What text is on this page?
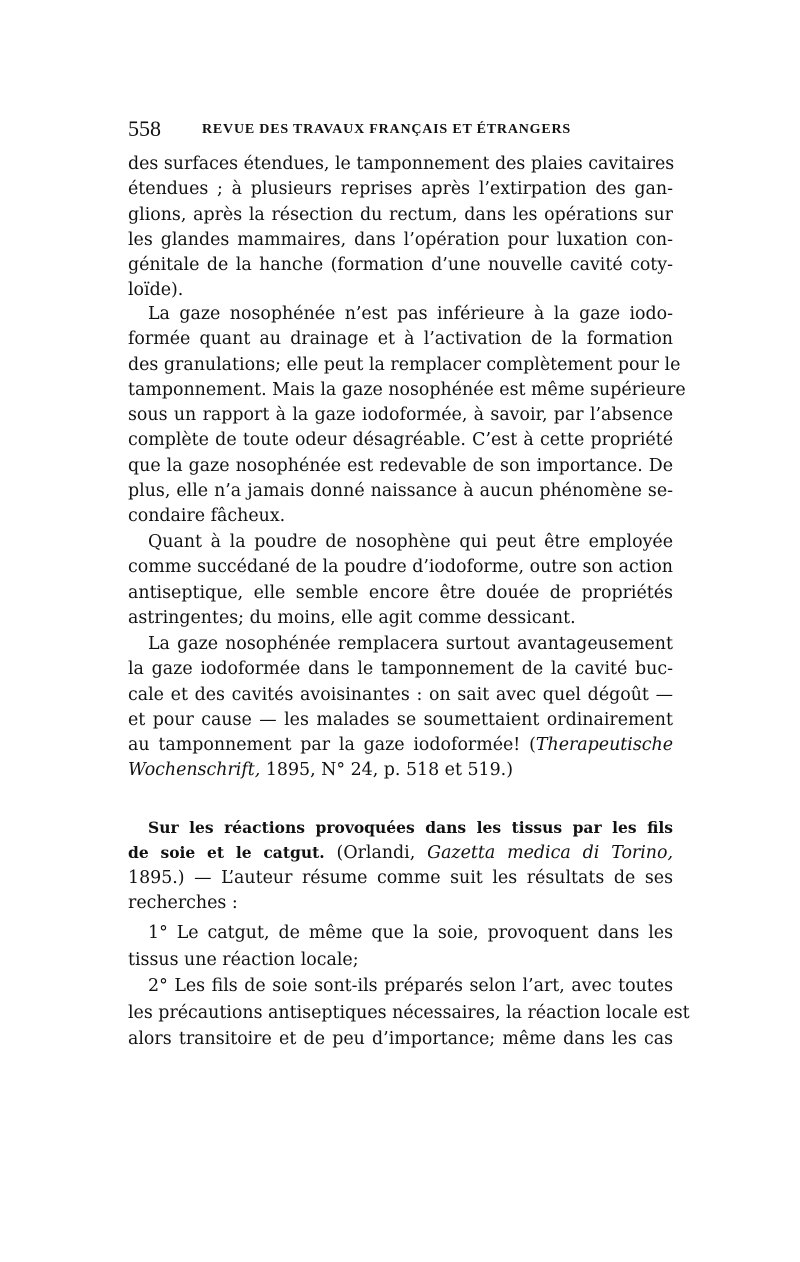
558	REVUE DES TRAVAUX FRANÇAIS ET ÉTRANGERS
des surfaces étendues, le tamponnement des plaies cavitaires
étendues ; à plusieurs reprises après l’extirpation des gan-
glions, après la résection du rectum, dans les opérations sur
les glandes mammaires, dans l’opération pour luxation con-
génitale de la hanche (formation d’une nouvelle cavité coty-
loïde).
La gaze nosophénée n’est pas inférieure à la gaze iodo-
formée quant au drainage et à l’activation de la formation
des granulations; elle peut la remplacer complètement pour le
tamponnement. Mais la gaze nosophénée est même supérieure
sous un rapport à la gaze iodoformée, à savoir, par l’absence
complète de toute odeur désagréable. C’est à cette propriété
que la gaze nosophénée est redevable de son importance. De
plus, elle n’a jamais donné naissance à aucun phénomène se-
condaire fâcheux.
Quant à la poudre de nosophène qui peut être employée
comme succédané de la poudre d’iodoforme, outre son action
antiseptique, elle semble encore être douée de propriétés
astringentes; du moins, elle agit comme dessicant.
La gaze nosophénée remplacera surtout avantageusement
la gaze iodoformée dans le tamponnement de la cavité buc-
cale et des cavités avoisinantes : on sait avec quel dégoût —
et pour cause — les malades se soumettaient ordinairement
au tamponnement par la gaze iodoformée! (Therapeutische
Wochenschrift, 1895, N° 24, p. 518 et 519.)
Sur les réactions provoquées dans les tissus par les fils
de soie et le catgut. (Orlandi, Gazetta medica di Torino,
1895.) — L’auteur résume comme suit les résultats de ses
recherches :
1° Le catgut, de même que la soie, provoquent dans les
tissus une réaction locale;
2° Les fils de soie sont-ils préparés selon l’art, avec toutes
les précautions antiseptiques nécessaires, la réaction locale est
alors transitoire et de peu d’importance; même dans les cas
